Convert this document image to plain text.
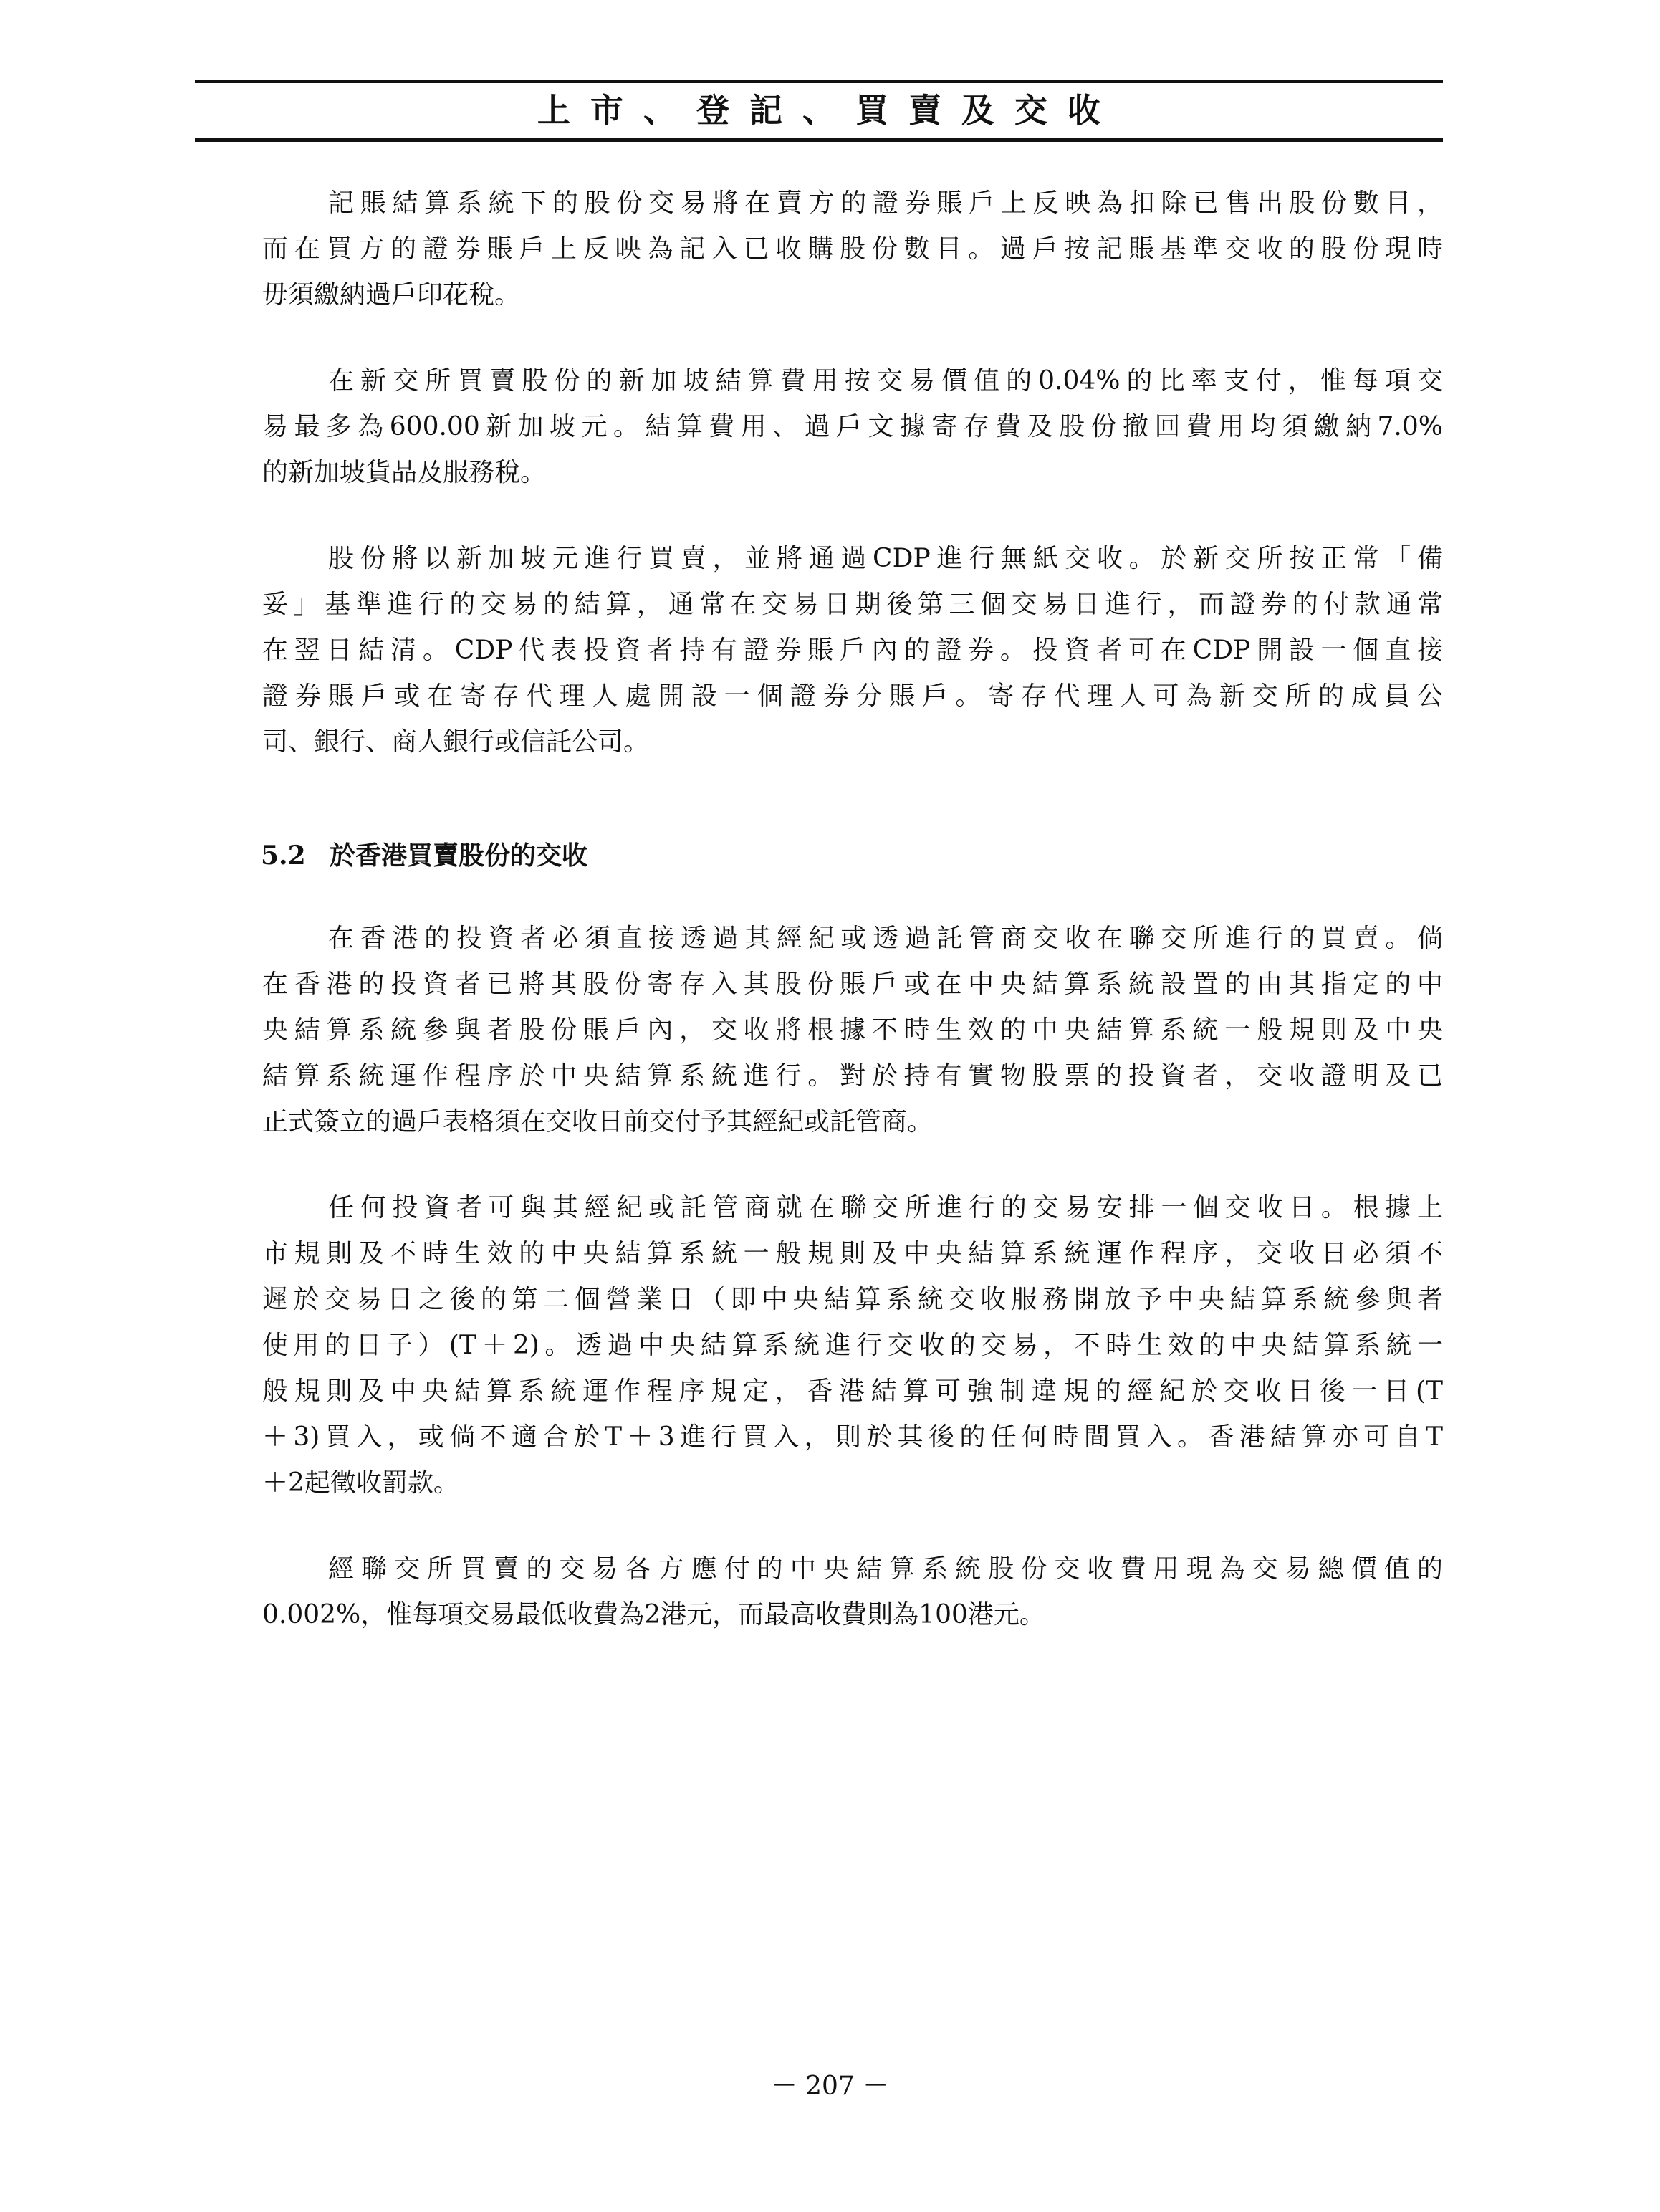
上市、登記、買賣及交收

記賬結算系統下的股份交易將在賣方的證券賬戶上反映為扣除已售出股份數目，
而在買方的證券賬戶上反映為記入已收購股份數目。過戶按記賬基準交收的股份現時
毋須繳納過戶印花稅。

在新交所買賣股份的新加坡結算費用按交易價值的0.04%的比率支付，惟每項交
易最多為600.00新加坡元。結算費用、過戶文據寄存費及股份撤回費用均須繳納7.0%
的新加坡貨品及服務稅。

股份將以新加坡元進行買賣，並將通過CDP進行無紙交收。於新交所按正常「備
妥」基準進行的交易的結算，通常在交易日期後第三個交易日進行，而證券的付款通常
在翌日結清。CDP代表投資者持有證券賬戶內的證券。投資者可在CDP開設一個直接
證券賬戶或在寄存代理人處開設一個證券分賬戶。寄存代理人可為新交所的成員公
司、銀行、商人銀行或信託公司。

5.2 於香港買賣股份的交收

在香港的投資者必須直接透過其經紀或透過託管商交收在聯交所進行的買賣。倘
在香港的投資者已將其股份寄存入其股份賬戶或在中央結算系統設置的由其指定的中
央結算系統參與者股份賬戶內，交收將根據不時生效的中央結算系統一般規則及中央
結算系統運作程序於中央結算系統進行。對於持有實物股票的投資者，交收證明及已
正式簽立的過戶表格須在交收日前交付予其經紀或託管商。

任何投資者可與其經紀或託管商就在聯交所進行的交易安排一個交收日。根據上
市規則及不時生效的中央結算系統一般規則及中央結算系統運作程序，交收日必須不
遲於交易日之後的第二個營業日（即中央結算系統交收服務開放予中央結算系統參與者
使用的日子）(T＋2)。透過中央結算系統進行交收的交易，不時生效的中央結算系統一
般規則及中央結算系統運作程序規定，香港結算可強制違規的經紀於交收日後一日(T
＋3)買入，或倘不適合於T＋3進行買入，則於其後的任何時間買入。香港結算亦可自T
＋2起徵收罰款。

經聯交所買賣的交易各方應付的中央結算系統股份交收費用現為交易總價值的
0.002%，惟每項交易最低收費為2港元，而最高收費則為100港元。

－ 207 －
